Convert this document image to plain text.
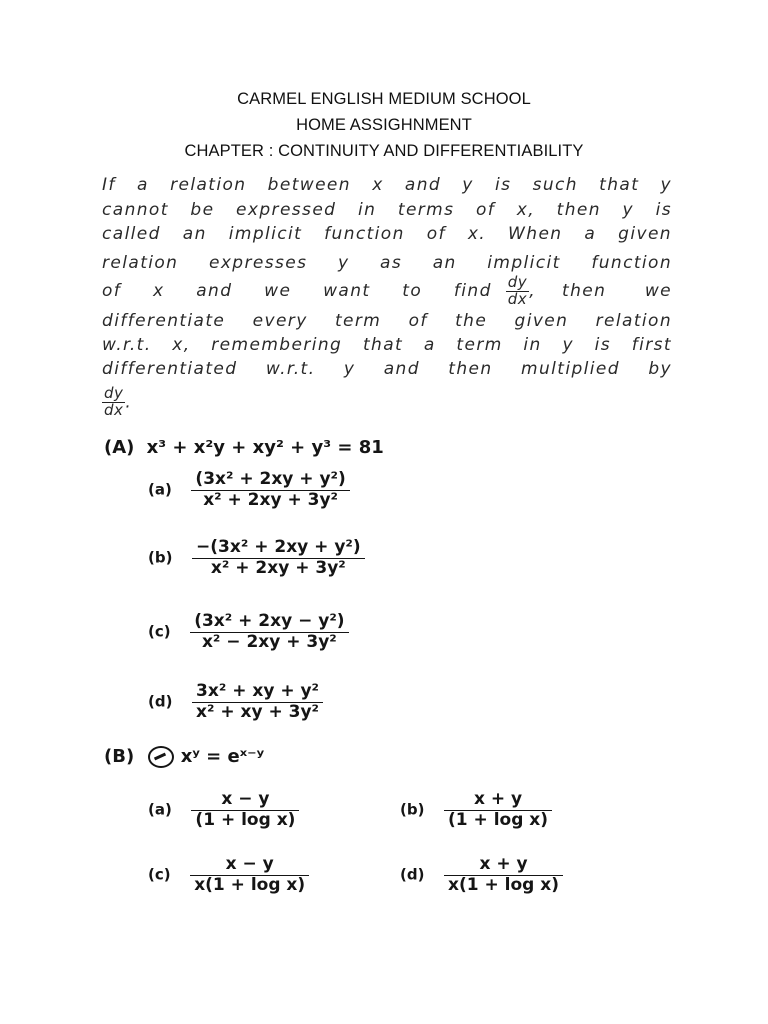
CARMEL ENGLISH MEDIUM SCHOOL
HOME ASSIGHNMENT
CHAPTER : CONTINUITY AND DIFFERENTIABILITY
If a relation between x and y is such that y
cannot be expressed in terms of x, then y is
called an implicit function of x. When a given
relation expresses y as an implicit function
of x and we want to find $\frac{dy}{dx}$ , then we
differentiate every term of the given relation
w.r.t. x, remembering that a term in y is first
differentiated w.r.t. y and then multiplied by
$\frac{dy}{dx}$ .
(A) x³ + x²y + xy² + y³ = 81
$(a) \frac{\text{(3x² + 2xy + y²)}}{\text{x² + 2xy + 3y²}}$
$(b) \frac{\text{−(3x² + 2xy + y²)}}{\text{x² + 2xy + 3y²}}$
$(c) \frac{\text{(3x² + 2xy − y²)}}{\text{x² − 2xy + 3y²}}$
$(d) \frac{\text{3x² + xy + y²}}{\text{x² + xy + 3y²}}$
(B)	xʸ = eˣ⁻ʸ
$(a) \frac{x - y}{\text{(1 + log x)}}$	$(b) \frac{x + y}{\text{(1 + log x)}}$
$(c) \frac{x - y}{\text{x(1 + log x)}}$	$(d) \frac{x + y}{\text{x(1 + log x)}}$
